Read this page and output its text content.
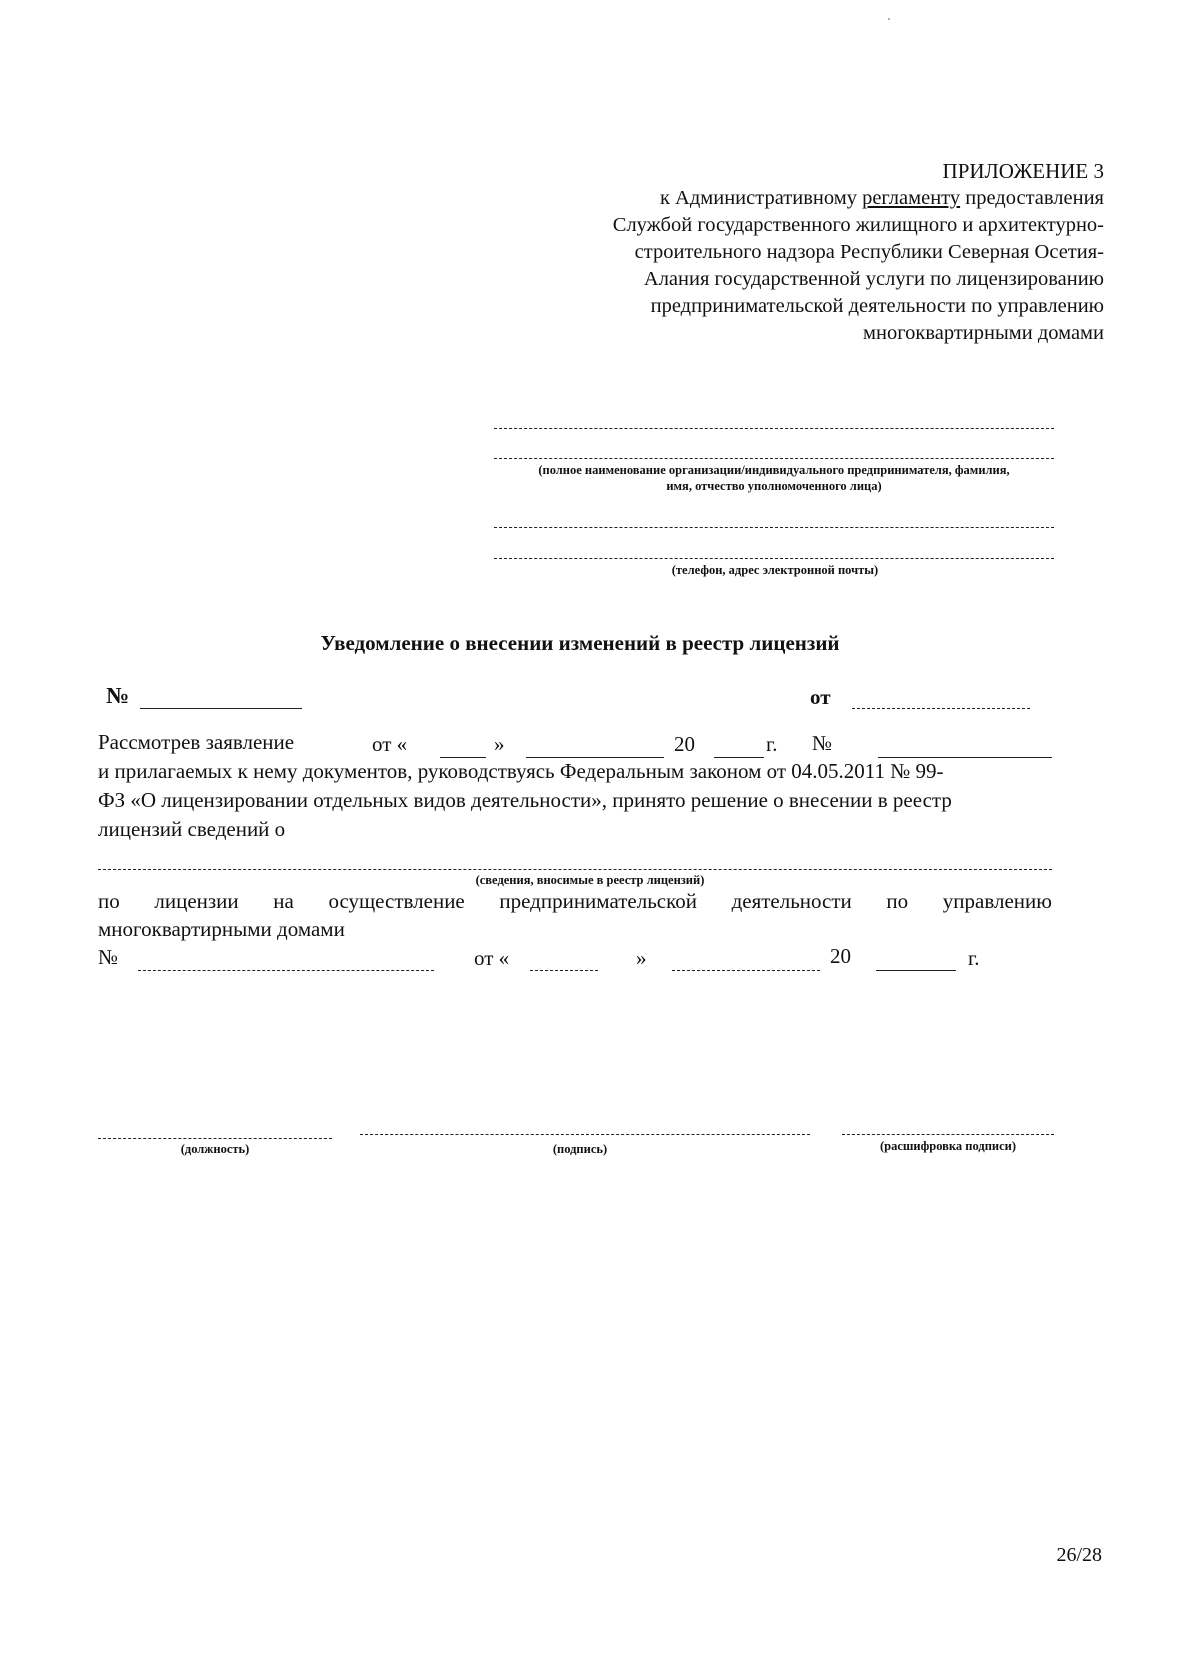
ПРИЛОЖЕНИЕ 3
к Административному регламенту предоставления
Службой государственного жилищного и архитектурно-
строительного надзора Республики Северная Осетия-
Алания государственной услуги по лицензированию
предпринимательской деятельности по управлению
многоквартирными домами
(полное наименование организации/индивидуального предпринимателя, фамилия,
имя, отчество уполномоченного лица)
(телефон, адрес электронной почты)
Уведомление о внесении изменений в реестр лицензий
№	от
Рассмотрев заявление	от «	»	20	г. №
и прилагаемых к нему документов, руководствуясь Федеральным законом от 04.05.2011 № 99-
ФЗ «О лицензировании отдельных видов деятельности», принято решение о внесении в реестр
лицензий сведений о
(сведения, вносимые в реестр лицензий)
по лицензии на осуществление предпринимательской деятельности по управлению
многоквартирными домами
№	от «	»	20	г.
(должность)	(подпись)	(расшифровка подписи)
26/28
